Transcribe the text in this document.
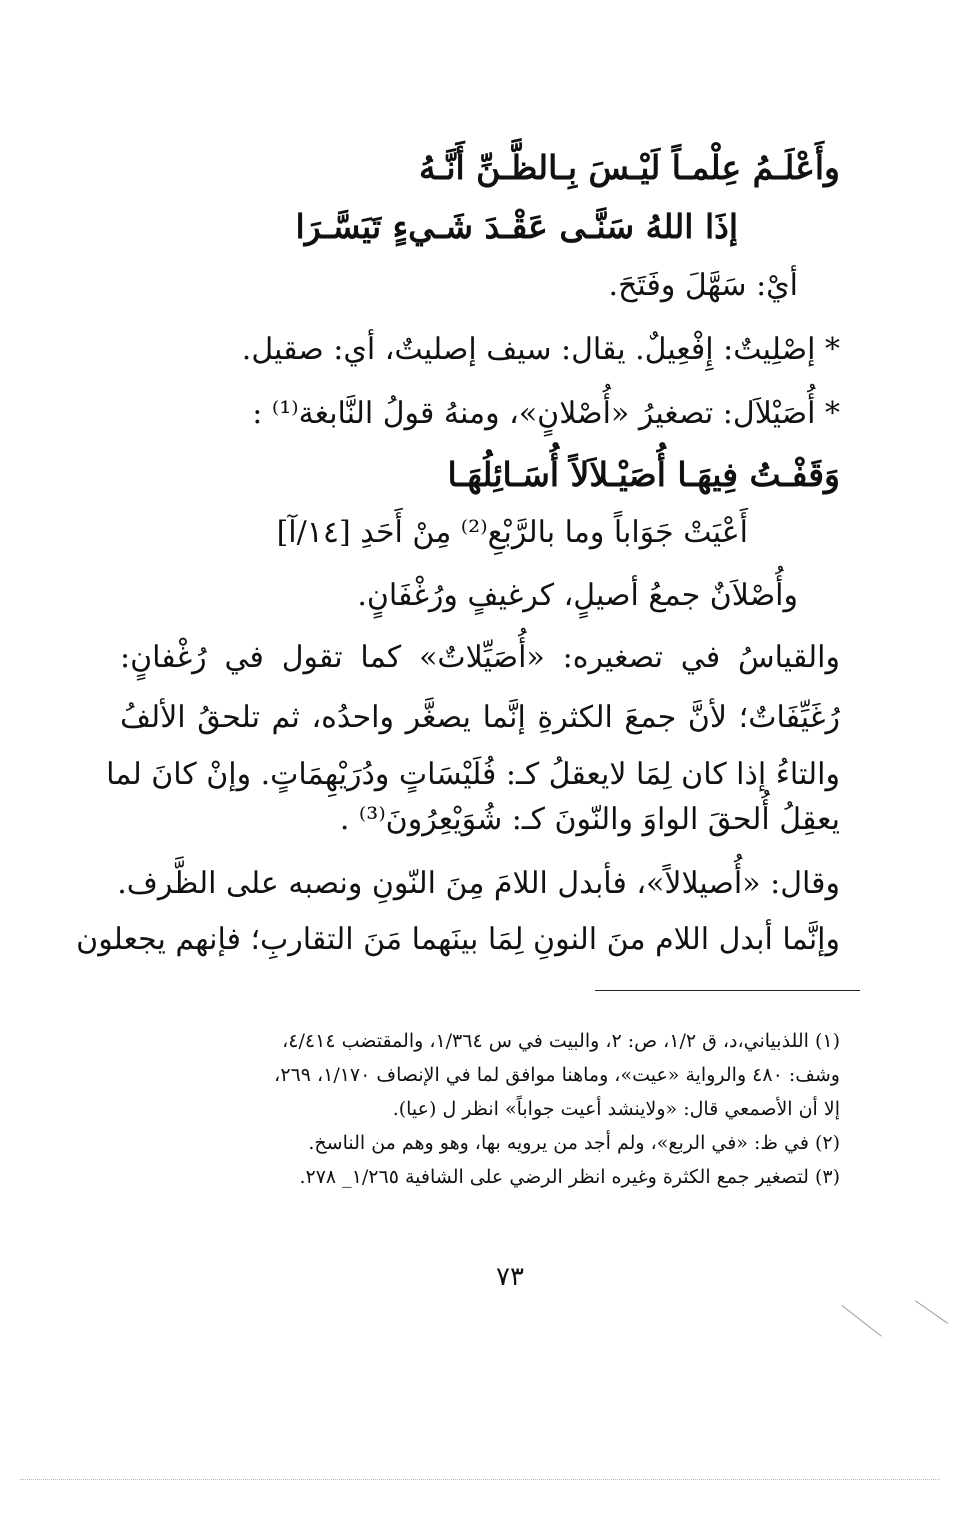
وأَعْلَـمُ عِلْمـاً لَيْـسَ بِـالظَّـنِّ أَنَّـهُ
إذَا اللهُ سَنَّـى عَقْـدَ شَـيءٍ تَيَسَّـرَا
أيْ: سَهَّلَ وفَتَحَ.
* إصْلِيتٌ: إِفْعِيلٌ. يقال: سيف إصليتٌ، أي: صقيل.
* أُصَيْلاَل: تصغيرُ «أُصْلانٍ»، ومنهُ قولُ النَّابغة⁽¹⁾ :
وَقَفْـتُ فِيهَـا أُصَيْـلاَلاً أُسَـائِلُهَـا
أَعْيَتْ جَوَاباً وما بالرَّبْعِ⁽²⁾ مِنْ أَحَدِ [١٤/آ]
وأُصْلاَنٌ جمعُ أصيلٍ، كرغيفٍ ورُغْفَانٍ.
والقياسُ في تصغيره: «أُصَيِّلاتٌ» كما تقول في رُغْفانٍ:
رُغَيِّفَاتٌ؛ لأنَّ جمعَ الكثرةِ إنَّما يصغَّر واحدُه، ثم تلحقُ الألفُ
والتاءُ إذا كان لِمَا لايعقلُ كـ: فُلَيْسَاتٍ ودُرَيْهِمَاتٍ. وإنْ كانَ لما
يعقِلُ أُلحقَ الواوَ والنّونَ كـ: شُوَيْعِرُونَ⁽³⁾ .
وقال: «أُصيلالاً»، فأبدل اللامَ مِنَ النّونِ ونصبه على الظَّرف.
وإنَّما أبدل اللام منَ النونِ لِمَا بينَهما مَنَ التقاربِ؛ فإنهم يجعلون
(١) اللذبياني،د، ق ١/٢، ص: ٢، والبيت في س ١/٣٦٤، والمقتضب ٤/٤١٤،
وشف: ٤٨٠ والرواية «عيت»، وماهنا موافق لما في الإنصاف ١/١٧٠، ٢٦٩،
إلا أن الأصمعي قال: «ولاينشد أعيت جواباً» انظر ل (عيا).
(٢) في ظ: «في الربع»، ولم أجد من يرويه بها، وهو وهم من الناسخ.
(٣) لتصغير جمع الكثرة وغيره انظر الرضي على الشافية ١/٢٦٥_ ٢٧٨.
٧٣
